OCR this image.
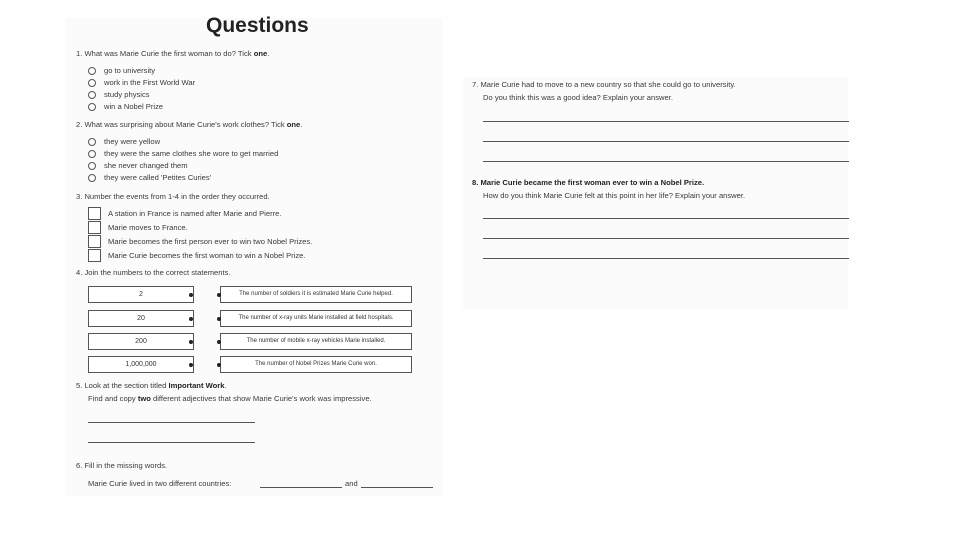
Questions
1. What was Marie Curie the first woman to do? Tick one.
go to university
work in the First World War
study physics
win a Nobel Prize
2. What was surprising about Marie Curie's work clothes? Tick one.
they were yellow
they were the same clothes she wore to get married
she never changed them
they were called 'Petites Curies'
3. Number the events from 1-4 in the order they occurred.
A station in France is named after Marie and Pierre.
Marie moves to France.
Marie becomes the first person ever to win two Nobel Prizes.
Marie Curie becomes the first woman to win a Nobel Prize.
4. Join the numbers to the correct statements.
2
20
200
1,000,000
The number of soldiers it is estimated Marie Curie helped.
The number of x-ray units Marie installed at field hospitals.
The number of mobile x-ray vehicles Marie installed.
The number of Nobel Prizes Marie Curie won.
5. Look at the section titled Important Work.
Find and copy two different adjectives that show Marie Curie's work was impressive.
6. Fill in the missing words.
Marie Curie lived in two different countries:	and
7. Marie Curie had to move to a new country so that she could go to university.
Do you think this was a good idea? Explain your answer.
8. Marie Curie became the first woman ever to win a Nobel Prize.
How do you think Marie Curie felt at this point in her life? Explain your answer.
